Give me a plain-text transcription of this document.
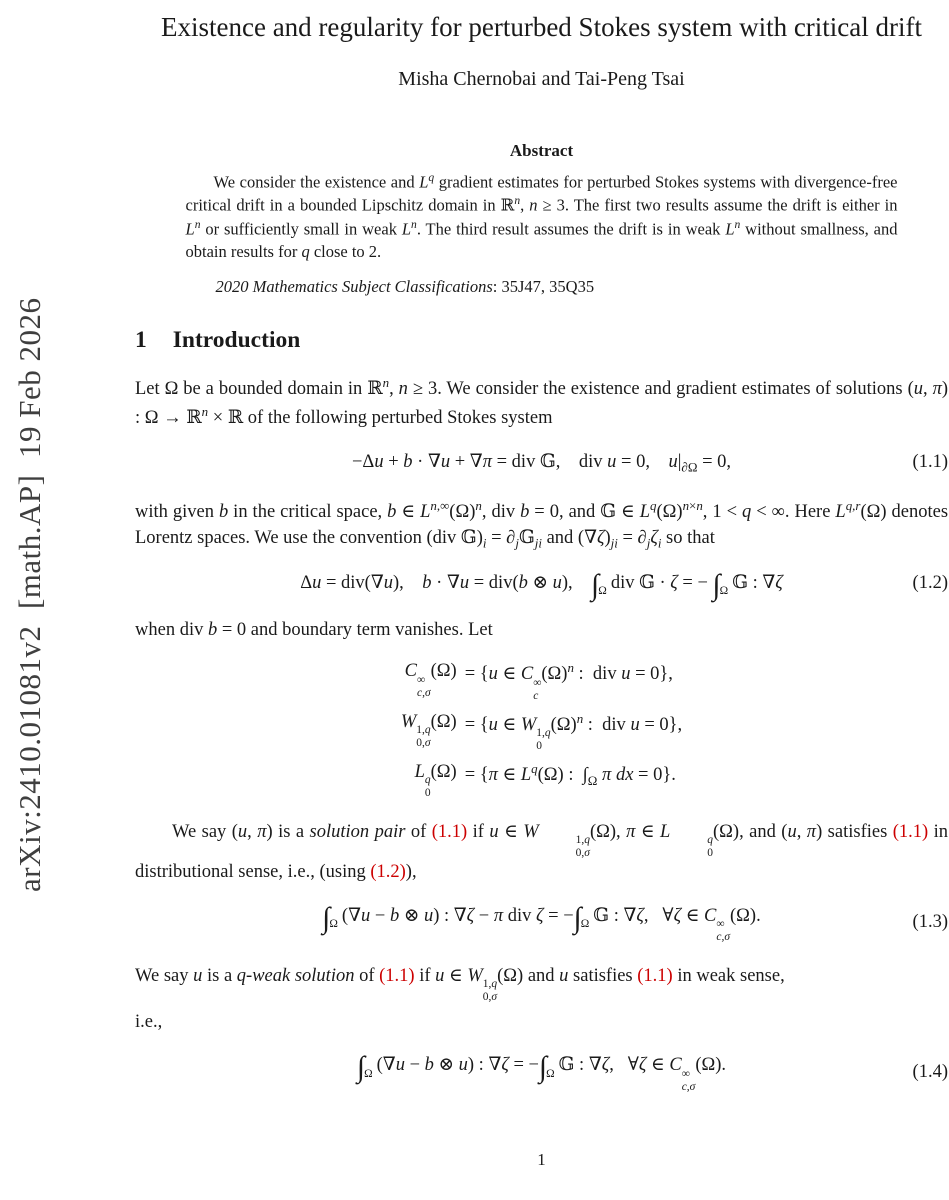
arXiv:2410.01081v2  [math.AP]  19 Feb 2026
Existence and regularity for perturbed Stokes system with critical drift
Misha Chernobai and Tai-Peng Tsai
Abstract
We consider the existence and $L^q$ gradient estimates for perturbed Stokes systems with divergence-free critical drift in a bounded Lipschitz domain in ℝ$^n$, n ≥ 3. The first two results assume the drift is either in $L^n$ or sufficiently small in weak $L^n$. The third result assumes the drift is in weak $L^n$ without smallness, and obtain results for q close to 2.
2020 Mathematics Subject Classifications: 35J47, 35Q35
1 Introduction

Let Ω be a bounded domain in ℝ$^n$, n ≥ 3. We consider the existence and gradient estimates of solutions (u, π) : Ω → ℝ$^n$ × ℝ of the following perturbed Stokes system

−Δu + b · ∇u + ∇π = div 𝔾,    div u = 0,    $u|_{\partial\Omega} = 0$,	(1.1)

with given b in the critical space, b ∈ $L^{n,\infty}(\Omega)^n$, div b = 0, and 𝔾 ∈ $L^q(\Omega)^{n\times n}$, 1 < q < ∞. Here L$^{q,r}$(Ω) denotes Lorentz spaces. We use the convention (div $𝔾)_i$ = $\partial_j𝔾_{ji}$ and $(\nabla\zeta)_{ji} = \partial_j\zeta_i$ so that

Δu = div(∇u),    b · ∇u = div(b ⊗ u),    $\int_\Omega$ div 𝔾 · ζ = − $\int_\Omega$ 𝔾 : ∇ζ	(1.2)

when div b = 0 and boundary term vanishes. Let

C ∞
c,σ
(Ω) = {u ∈ C ∞
c
$(\Omega)^n$ :  div u = 0},
W 1,q
0,σ
(Ω) = {u ∈ W 1,q
0
$(\Omega)^n$ :  div u = 0},
L q
0
(Ω) = {π ∈ $L^q(\Omega)$ :  $\int_\Omega$ π dx = 0}.

We say (u, π) is a solution pair of (1.1) if u ∈ W	1,q
0,σ
(Ω), π ∈ L	q
0
(Ω), and (u, π) satisfies (1.1) in distributional sense, i.e., (using (1.2)),

$\int_\Omega$ (∇u − b ⊗ u) : ∇ζ − π div $\zeta = -\int_\Omega$ 𝔾 : ∇ζ,   ∀ζ ∈ C ∞
c,σ
(Ω).	(1.3)

We say u is a q-weak solution of (1.1) if u ∈ W 1,q
0,σ
(Ω) and u satisfies (1.1) in weak sense,

i.e.,

$\int_\Omega$ (∇u − b ⊗ u) : $\nabla\zeta = -\int_\Omega$ 𝔾 : ∇ζ,   ∀ζ ∈ C ∞
c,σ
(Ω).	(1.4)
1
